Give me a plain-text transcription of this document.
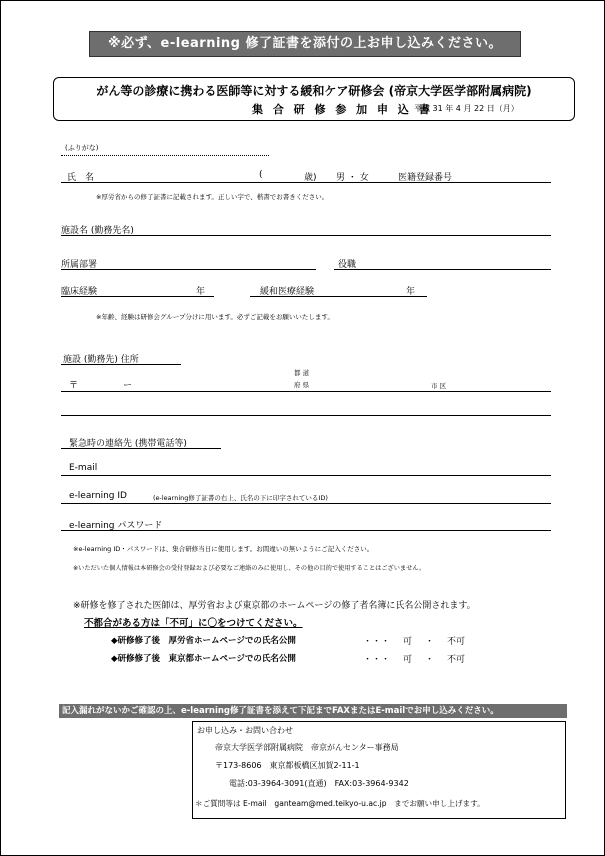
※必ず、e-learning 修了証書を添付の上お申し込みください。
がん等の診療に携わる医師等に対する緩和ケア研修会 (帝京大学医学部附属病院)
集 合 研 修 参 加 申 込 書
平成 31 年 4 月 22 日（月）
(ふりがな)
氏　名	(	歳) 男 ・ 女	医籍登録番号
※厚労省からの修了証書に記載されます。正しい字で、楷書でお書きください。
施設名 (勤務先名)
所属部署	役職
臨床経験	年	緩和医療経験	年
※年齢、経験は研修会グループ分けに用います。必ずご記載をお願いいたします。
施設 (勤務先) 住所
都 道
〒	ー	府 県	市 区
緊急時の連絡先 (携帯電話等)
E-mail
e-learning ID	(e-learning修了証書の右上、氏名の下に印字されているID)
e-learning パスワード
※e-learning ID・パスワードは、集合研修当日に使用します。お間違いの無いようにご記入ください。
※いただいた個人情報は本研修会の受付登録および必要なご連絡のみに使用し、その他の目的で使用することはございません。
※研修を修了された医師は、厚労省および東京都のホームページの修了者名簿に氏名公開されます。
不都合がある方は「不可」に〇をつけてください。
◆研修修了後　厚労省ホームページでの氏名公開	・・・ 可 ・ 不可
◆研修修了後　東京都ホームページでの氏名公開	・・・ 可 ・ 不可
記入漏れがないかご確認の上、e-learning修了証書を添えて下記までFAXまたはE-mailでお申し込みください。
お申し込み・お問い合わせ
帝京大学医学部附属病院　帝京がんセンター事務局
〒173-8606　東京都板橋区加賀2-11-1
電話:03-3964-3091(直通)　FAX:03-3964-9342
＊ご質問等は E-mail　ganteam@med.teikyo-u.ac.jp　までお願い申し上げます。
